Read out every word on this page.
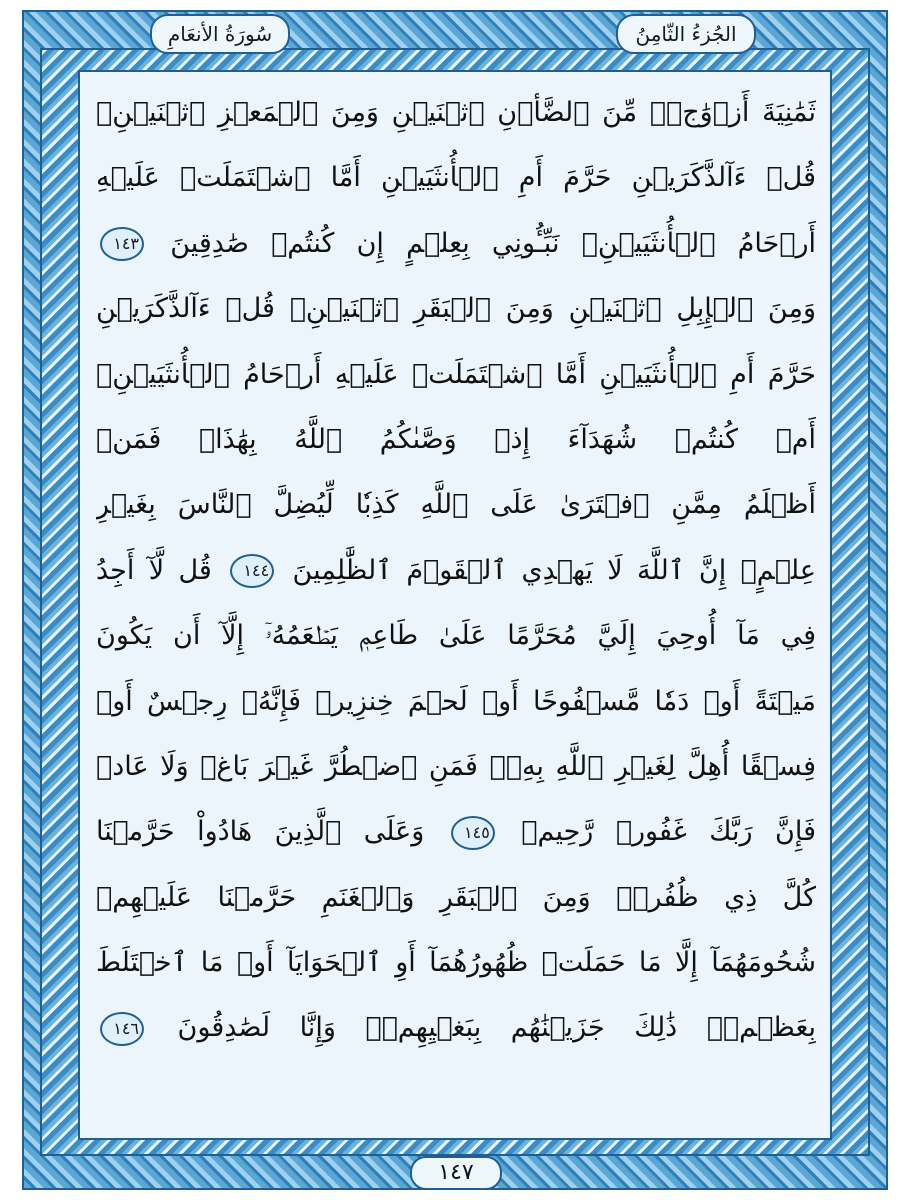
سُورَةُ الأنعَامِ	الجُزءُ الثّامِنُ
ثَمَٰنِيَةَ أَزۡوَٰجٖۖ مِّنَ ٱلضَّأۡنِ ٱثۡنَيۡنِ وَمِنَ ٱلۡمَعۡزِ ٱثۡنَيۡنِۗ
قُلۡ ءَآلذَّكَرَيۡنِ حَرَّمَ أَمِ ٱلۡأُنثَيَيۡنِ أَمَّا ٱشۡتَمَلَتۡ عَلَيۡهِ
أَرۡحَامُ ٱلۡأُنثَيَيۡنِۖ نَبِّـُٔونِي بِعِلۡمٍ إِن كُنتُمۡ صَٰدِقِينَ ١٤٣
وَمِنَ ٱلۡإِبِلِ ٱثۡنَيۡنِ وَمِنَ ٱلۡبَقَرِ ٱثۡنَيۡنِۗ قُلۡ ءَآلذَّكَرَيۡنِ
حَرَّمَ أَمِ ٱلۡأُنثَيَيۡنِ أَمَّا ٱشۡتَمَلَتۡ عَلَيۡهِ أَرۡحَامُ ٱلۡأُنثَيَيۡنِۖ
أَمۡ كُنتُمۡ شُهَدَآءَ إِذۡ وَصَّىٰكُمُ ٱللَّهُ بِهَٰذَاۚ فَمَنۡ
أَظۡلَمُ مِمَّنِ ٱفۡتَرَىٰ عَلَى ٱللَّهِ كَذِبٗا لِّيُضِلَّ ٱلنَّاسَ بِغَيۡرِ
عِلۡمٍۚ إِنَّ ٱللَّهَ لَا يَهۡدِي ٱلۡقَوۡمَ ٱلظَّٰلِمِينَ ١٤٤ قُل لَّآ أَجِدُ
فِي مَآ أُوحِيَ إِلَيَّ مُحَرَّمًا عَلَىٰ طَاعِمٖ يَطۡعَمُهُۥٓ إِلَّآ أَن يَكُونَ
مَيۡتَةً أَوۡ دَمٗا مَّسۡفُوحًا أَوۡ لَحۡمَ خِنزِيرٖ فَإِنَّهُۥ رِجۡسٌ أَوۡ
فِسۡقًا أُهِلَّ لِغَيۡرِ ٱللَّهِ بِهِۦۚ فَمَنِ ٱضۡطُرَّ غَيۡرَ بَاغٖ وَلَا عَادٖ
فَإِنَّ رَبَّكَ غَفُورٞ رَّحِيمٞ ١٤٥ وَعَلَى ٱلَّذِينَ هَادُواْ حَرَّمۡنَا
كُلَّ ذِي ظُفُرٖۖ وَمِنَ ٱلۡبَقَرِ وَٱلۡغَنَمِ حَرَّمۡنَا عَلَيۡهِمۡ
شُحُومَهُمَآ إِلَّا مَا حَمَلَتۡ ظُهُورُهُمَآ أَوِ ٱلۡحَوَايَآ أَوۡ مَا ٱخۡتَلَطَ
بِعَظۡمٖۚ ذَٰلِكَ جَزَيۡنَٰهُم بِبَغۡيِهِمۡۖ وَإِنَّا لَصَٰدِقُونَ ١٤٦
١٤٧
